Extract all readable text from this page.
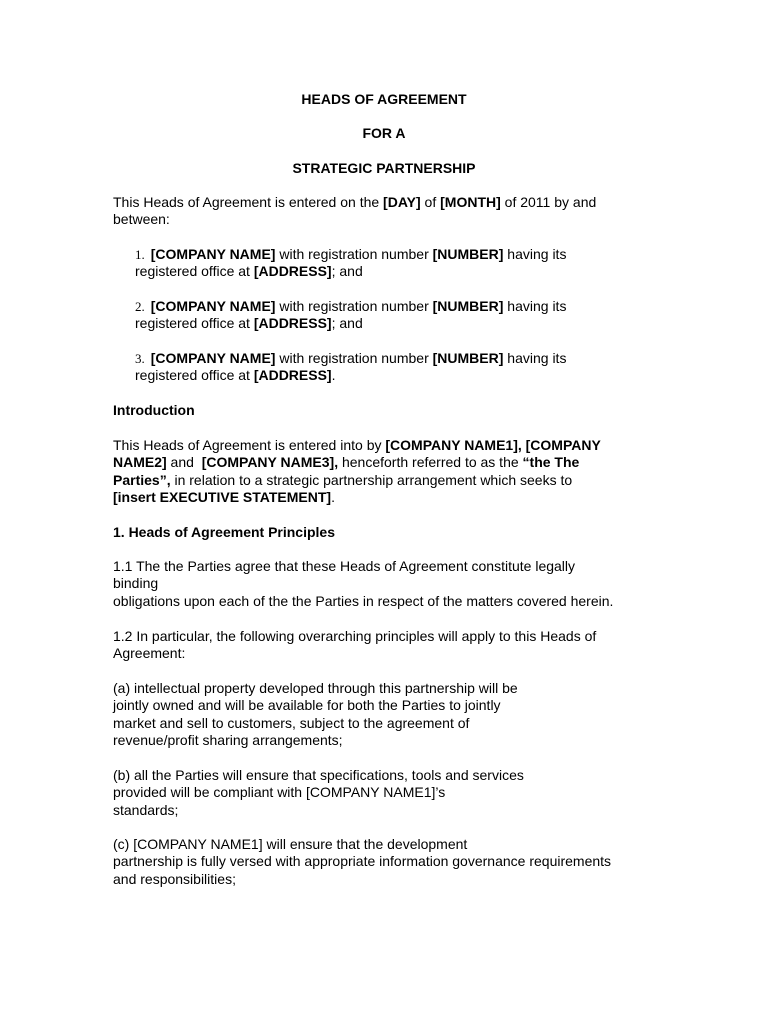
HEADS OF AGREEMENT
FOR A
STRATEGIC PARTNERSHIP
This Heads of Agreement is entered on the [DAY] of [MONTH] of 2011 by and
between:
1. [COMPANY NAME] with registration number [NUMBER] having its
registered office at [ADDRESS]; and
2. [COMPANY NAME] with registration number [NUMBER] having its
registered office at [ADDRESS]; and
3. [COMPANY NAME] with registration number [NUMBER] having its
registered office at [ADDRESS].
Introduction
This Heads of Agreement is entered into by [COMPANY NAME1], [COMPANY
NAME2] and  [COMPANY NAME3], henceforth referred to as the “the The
Parties”, in relation to a strategic partnership arrangement which seeks to
[insert EXECUTIVE STATEMENT].
1. Heads of Agreement Principles
1.1 The the Parties agree that these Heads of Agreement constitute legally
binding
obligations upon each of the the Parties in respect of the matters covered herein.
1.2 In particular, the following overarching principles will apply to this Heads of
Agreement:
(a) intellectual property developed through this partnership will be
jointly owned and will be available for both the Parties to jointly
market and sell to customers, subject to the agreement of
revenue/profit sharing arrangements;
(b) all the Parties will ensure that specifications, tools and services
provided will be compliant with [COMPANY NAME1]’s
standards;
(c) [COMPANY NAME1] will ensure that the development
partnership is fully versed with appropriate information governance requirements
and responsibilities;
